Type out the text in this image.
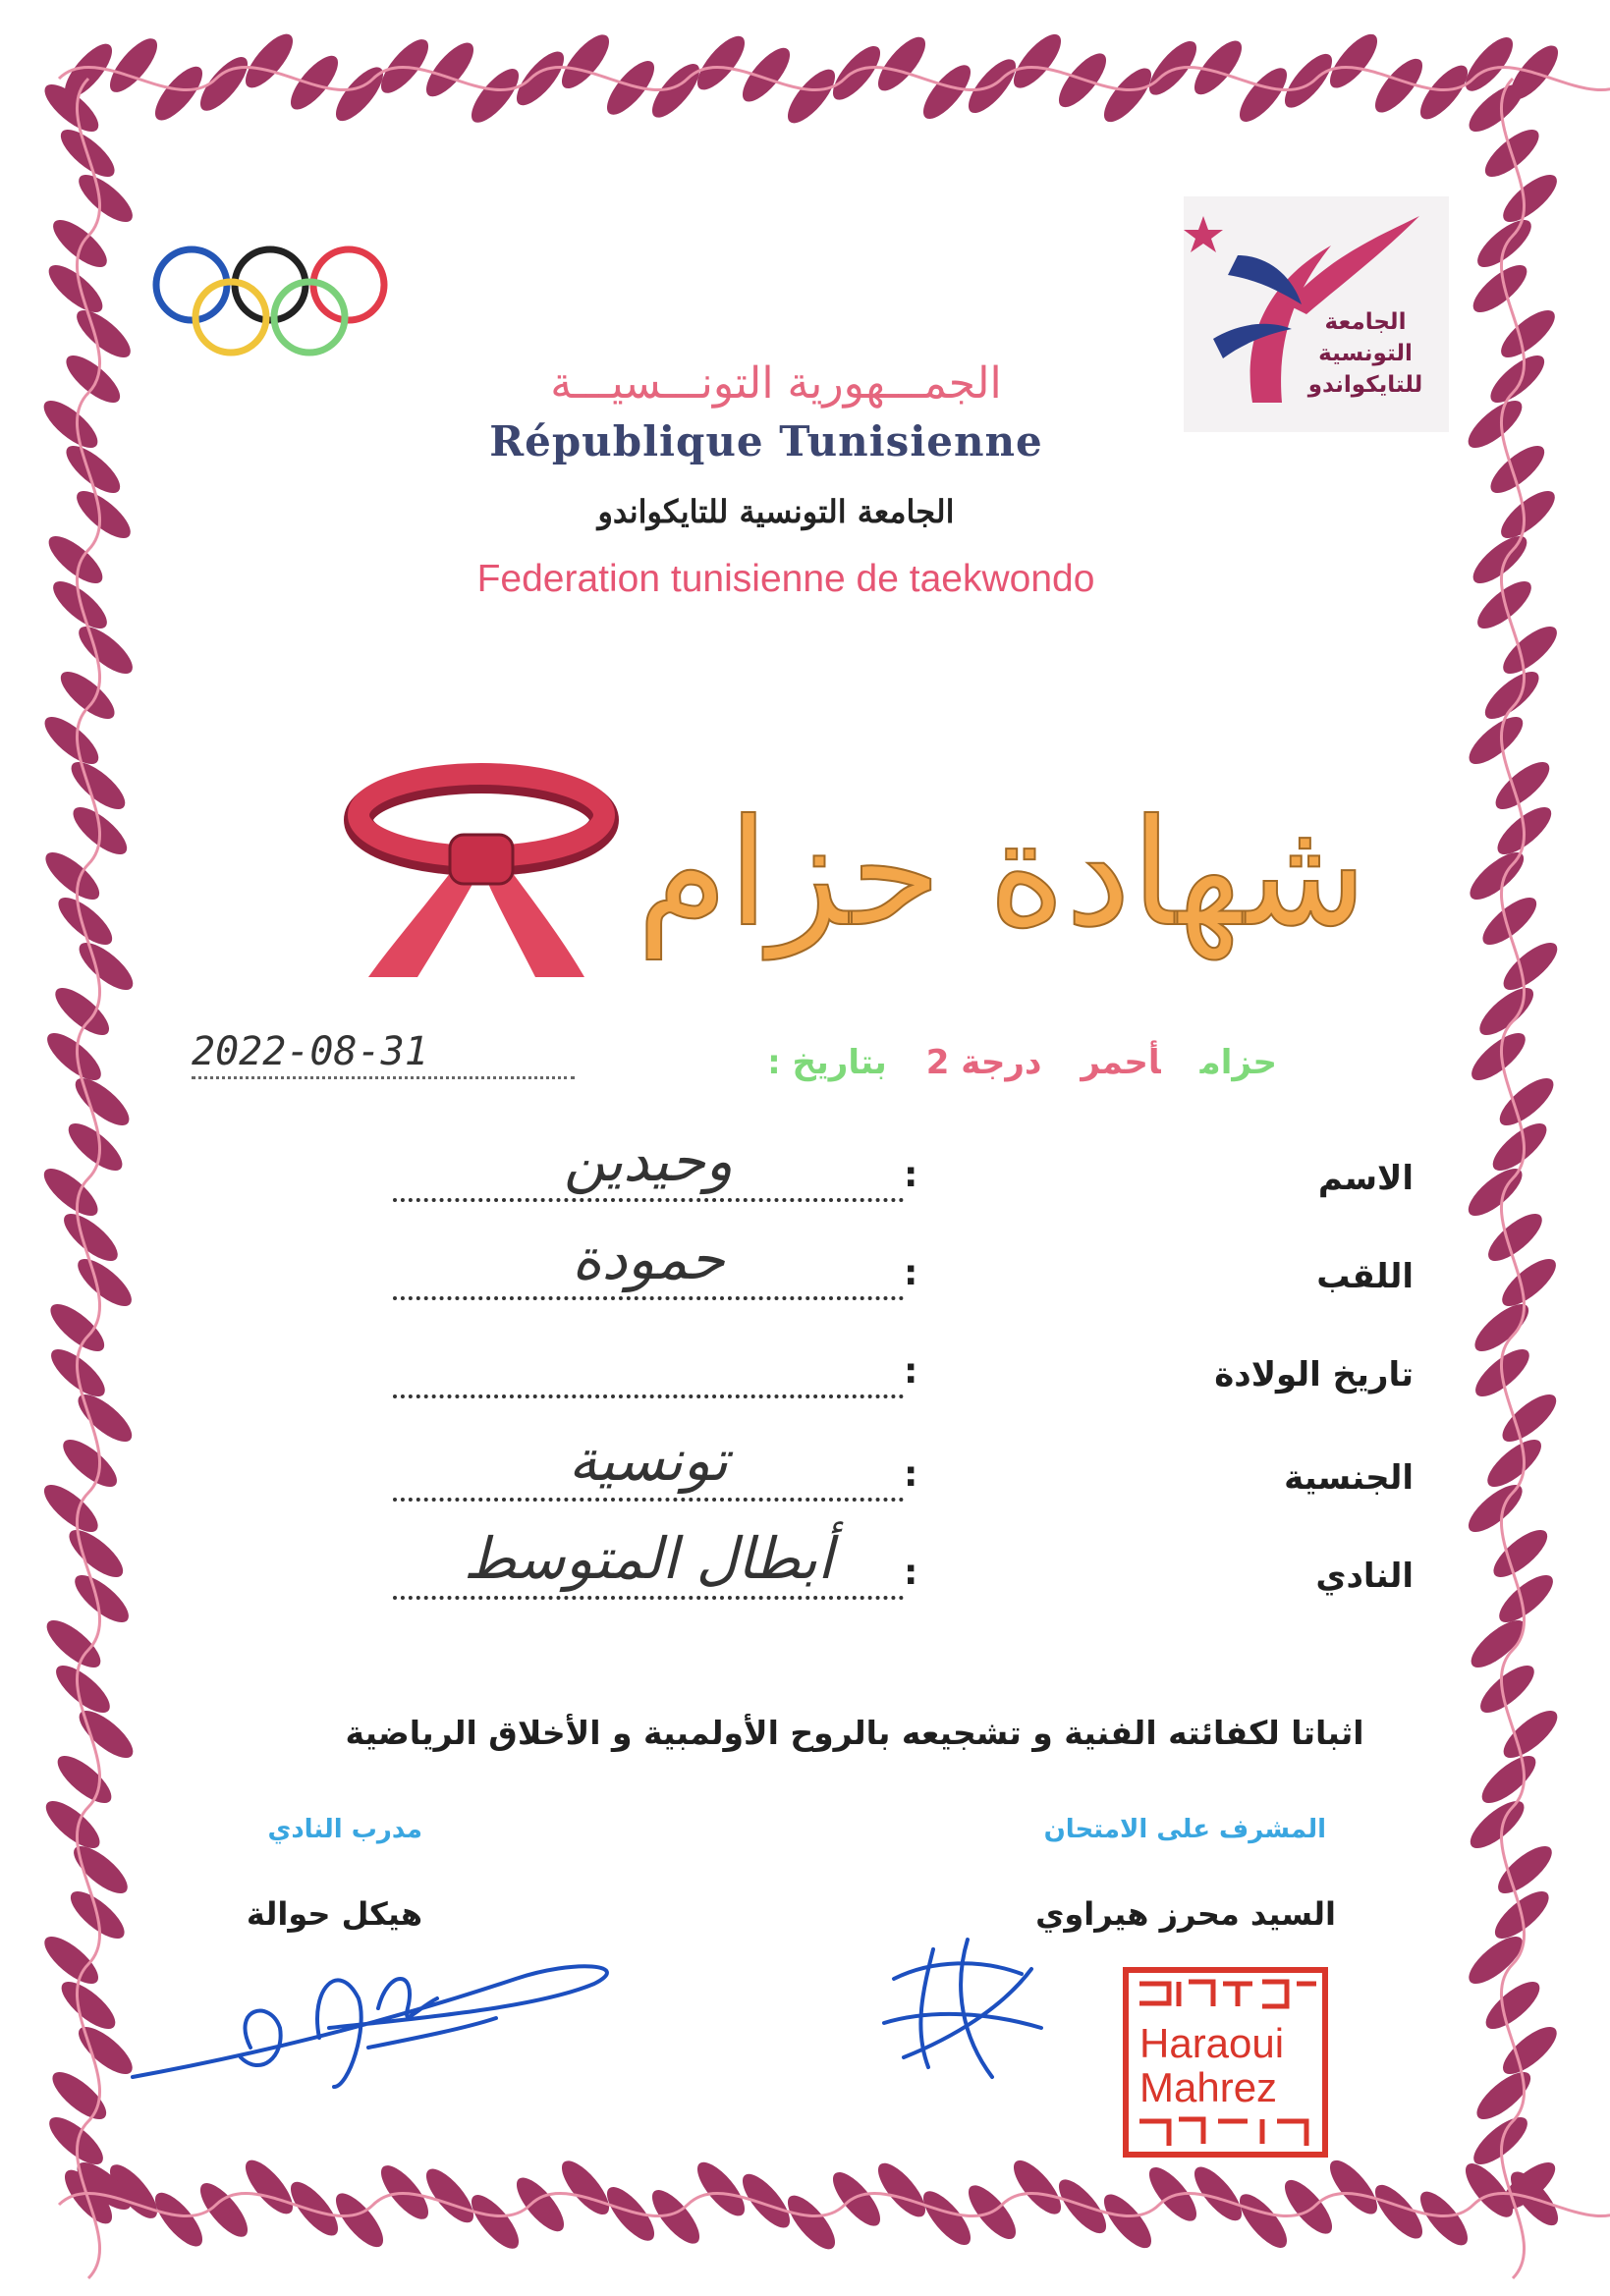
الجامعة
التونسية
للتايكواندو
الجمـــهورية التونـــسيـــة
République Tunisienne
الجامعة التونسية للتايكواندو
Federation tunisienne de taekwondo
شهادة حزام
حزامأحمردرجة 2بتاريخ :
2022-08-31
الاسم
:
وحيدين
اللقب
:
حمودة
تاريخ الولادة
:
الجنسية
:
تونسية
النادي
:
أبطال المتوسط
اثباتا لكفائته الفنية و تشجيعه بالروح الأولمبية و الأخلاق الرياضية
المشرف على الامتحان
السيد محرز هيراوي
مدرب النادي
هيكل حوالة
Haraoui
Mahrez
